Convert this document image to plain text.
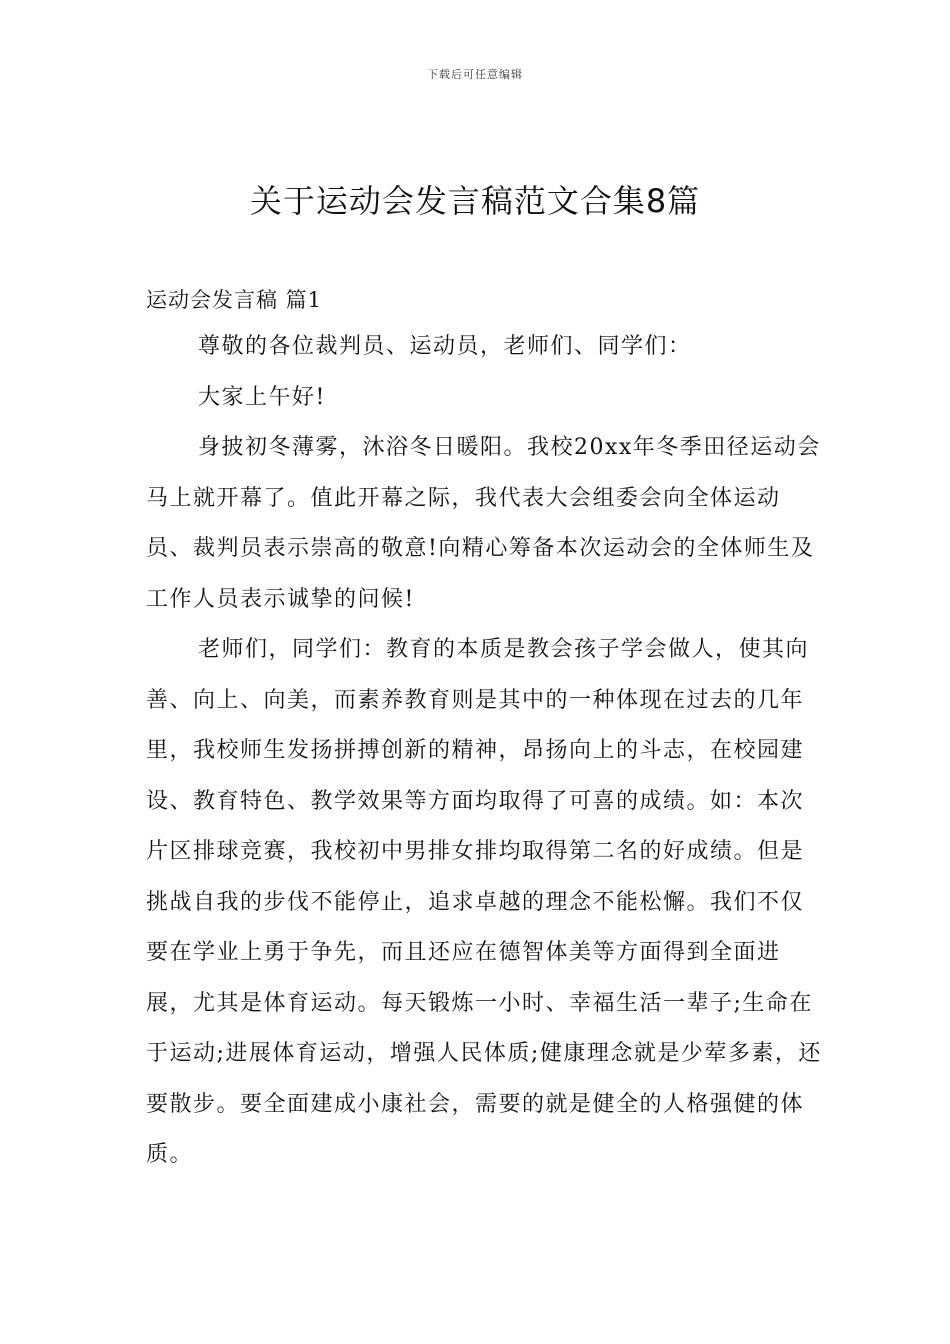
下载后可任意编辑
关于运动会发言稿范文合集8篇
运动会发言稿 篇1

尊敬的各位裁判员、运动员，老师们、同学们：

大家上午好!

身披初冬薄雾，沐浴冬日暖阳。我校20xx年冬季田径运动会马上就开幕了。值此开幕之际，我代表大会组委会向全体运动员、裁判员表示崇高的敬意!向精心筹备本次运动会的全体师生及工作人员表示诚挚的问候!

老师们，同学们：教育的本质是教会孩子学会做人，使其向善、向上、向美，而素养教育则是其中的一种体现在过去的几年里，我校师生发扬拼搏创新的精神，昂扬向上的斗志，在校园建设、教育特色、教学效果等方面均取得了可喜的成绩。如：本次片区排球竞赛，我校初中男排女排均取得第二名的好成绩。但是挑战自我的步伐不能停止，追求卓越的理念不能松懈。我们不仅要在学业上勇于争先，而且还应在德智体美等方面得到全面进展，尤其是体育运动。每天锻炼一小时、幸福生活一辈子;生命在于运动;进展体育运动，增强人民体质;健康理念就是少荤多素，还要散步。要全面建成小康社会，需要的就是健全的人格强健的体质。
